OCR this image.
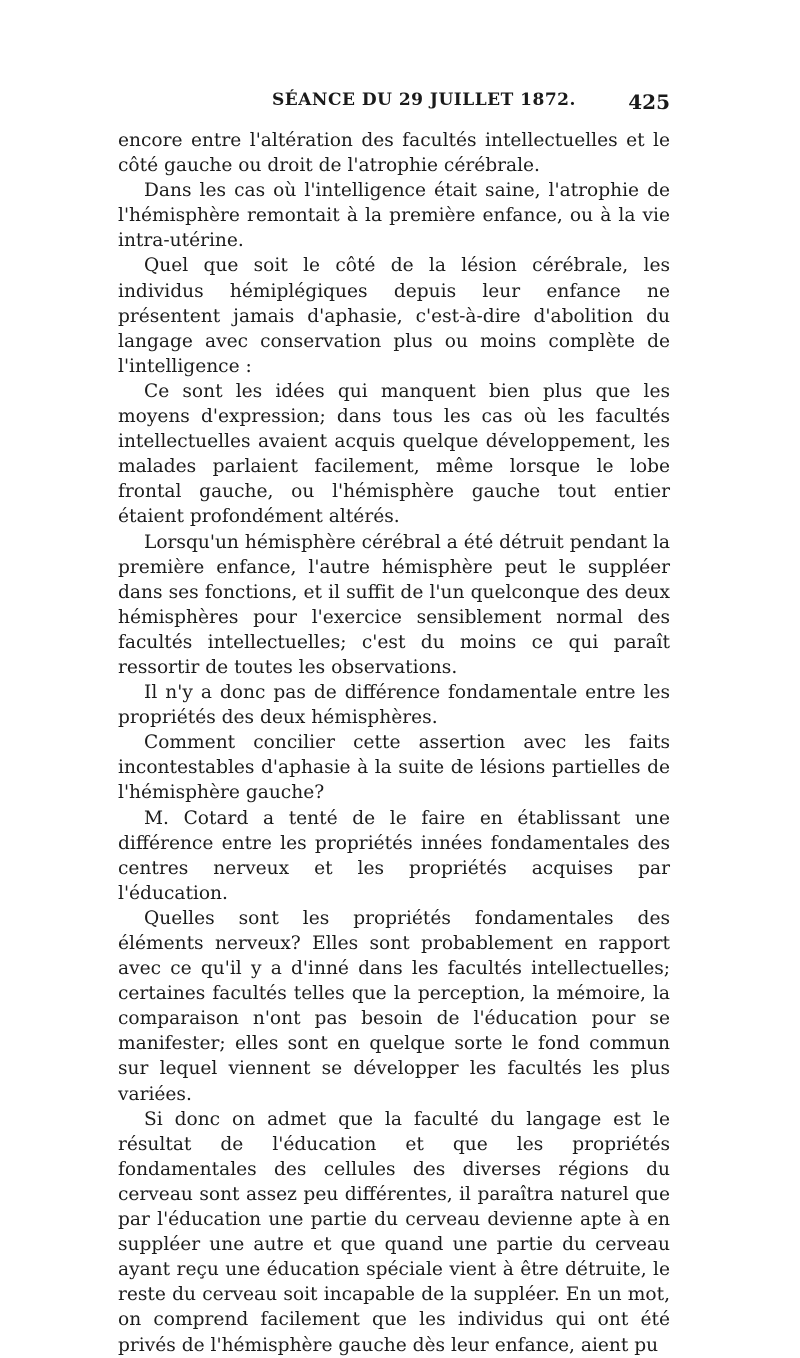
SÉANCE DU 29 JUILLET 1872.	425

encore entre l'altération des facultés intellectuelles et le côté gauche ou droit de l'atrophie cérébrale.

Dans les cas où l'intelligence était saine, l'atrophie de l'hémisphère remontait à la première enfance, ou à la vie intra-utérine.

Quel que soit le côté de la lésion cérébrale, les individus hémiplégiques depuis leur enfance ne présentent jamais d'aphasie, c'est-à-dire d'abolition du langage avec conservation plus ou moins complète de l'intelligence :

Ce sont les idées qui manquent bien plus que les moyens d'expression; dans tous les cas où les facultés intellectuelles avaient acquis quelque développement, les malades parlaient facilement, même lorsque le lobe frontal gauche, ou l'hémisphère gauche tout entier étaient profondément altérés.

Lorsqu'un hémisphère cérébral a été détruit pendant la première enfance, l'autre hémisphère peut le suppléer dans ses fonctions, et il suffit de l'un quelconque des deux hémisphères pour l'exercice sensiblement normal des facultés intellectuelles; c'est du moins ce qui paraît ressortir de toutes les observations.

Il n'y a donc pas de différence fondamentale entre les propriétés des deux hémisphères.

Comment concilier cette assertion avec les faits incontestables d'aphasie à la suite de lésions partielles de l'hémisphère gauche?

M. Cotard a tenté de le faire en établissant une différence entre les propriétés innées fondamentales des centres nerveux et les propriétés acquises par l'éducation.

Quelles sont les propriétés fondamentales des éléments nerveux? Elles sont probablement en rapport avec ce qu'il y a d'inné dans les facultés intellectuelles; certaines facultés telles que la perception, la mémoire, la comparaison n'ont pas besoin de l'éducation pour se manifester; elles sont en quelque sorte le fond commun sur lequel viennent se développer les facultés les plus variées.

Si donc on admet que la faculté du langage est le résultat de l'éducation et que les propriétés fondamentales des cellules des diverses régions du cerveau sont assez peu différentes, il paraîtra naturel que par l'éducation une partie du cerveau devienne apte à en suppléer une autre et que quand une partie du cerveau ayant reçu une éducation spéciale vient à être détruite, le reste du cerveau soit incapable de la suppléer. En un mot, on comprend facilement que les individus qui ont été privés de l'hémisphère gauche dès leur enfance, aient pu
